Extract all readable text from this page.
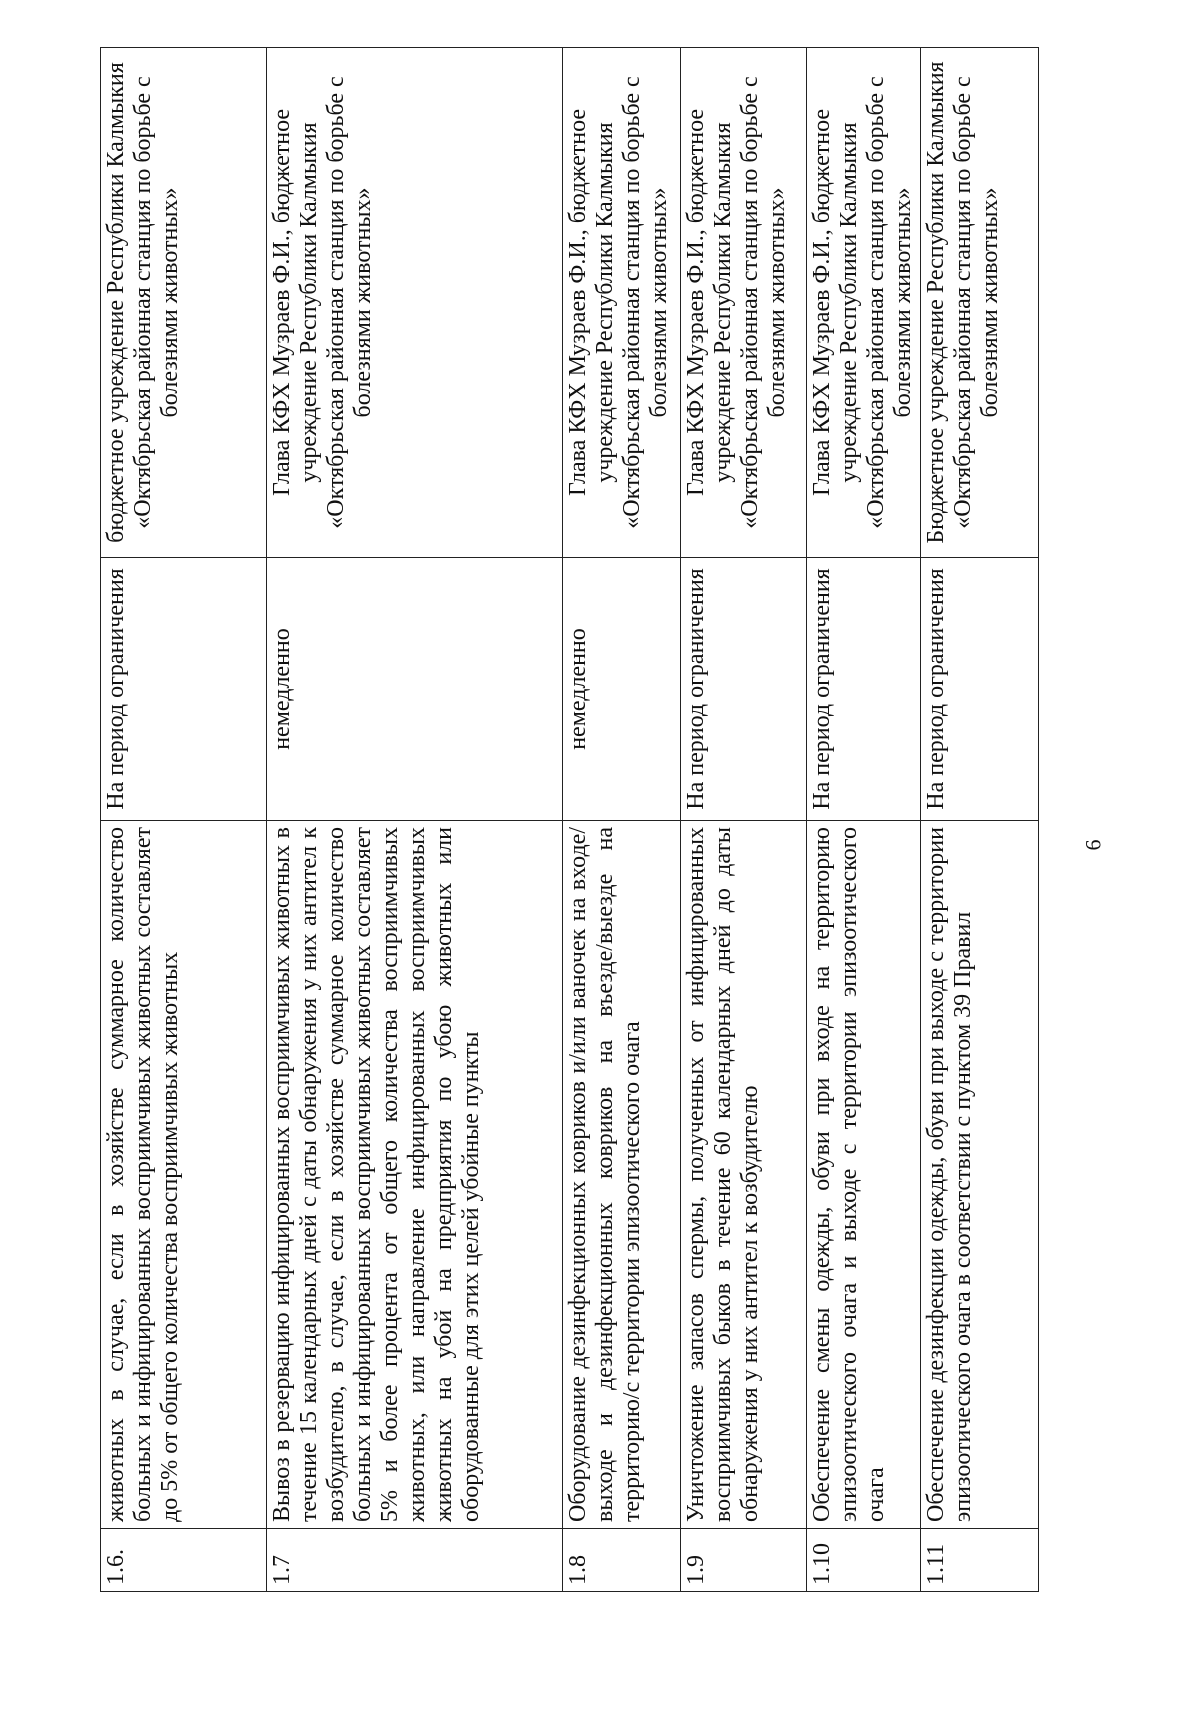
1.6.	животных в случае, если в хозяйстве суммарное количество больных и инфицированных восприимчивых животных составляет до 5% от общего количества восприимчивых животных	На период ограничения	бюджетное учреждение Республики Калмыкия «Октябрьская районная станция по борьбе с болезнями животных»
1.7	Вывоз в резервацию инфицированных восприимчивых животных в течение 15 календарных дней с даты обнаружения у них антител к возбудителю, в случае, если в хозяйстве суммарное количество больных и инфицированных восприимчивых животных составляет 5% и более процента от общего количества восприимчивых животных, или направление инфицированных восприимчивых животных на убой на предприятия по убою животных или оборудованные для этих целей убойные пункты	немедленно	Глава КФХ Музраев Ф.И., бюджетное учреждение Республики Калмыкия «Октябрьская районная станция по борьбе с болезнями животных»
1.8	Оборудование дезинфекционных ковриков и/или ваночек на входе/выходе и дезинфекционных ковриков на въезде/выезде на территорию/с территории эпизоотического очага	немедленно	Глава КФХ Музраев Ф.И., бюджетное учреждение Республики Калмыкия «Октябрьская районная станция по борьбе с болезнями животных»
1.9	Уничтожение запасов спермы, полученных от инфицированных восприимчивых быков в течение 60 календарных дней до даты обнаружения у них антител к возбудителю	На период ограничения	Глава КФХ Музраев Ф.И., бюджетное учреждение Республики Калмыкия «Октябрьская районная станция по борьбе с болезнями животных»
1.10	Обеспечение смены одежды, обуви при входе на территорию эпизоотического очага и выходе с территории эпизоотического очага	На период ограничения	Глава КФХ Музраев Ф.И., бюджетное учреждение Республики Калмыкия «Октябрьская районная станция по борьбе с болезнями животных»
1.11	Обеспечение дезинфекции одежды, обуви при выходе с территории эпизоотического очага в соответствии с пунктом 39 Правил	На период ограничения	Бюджетное учреждение Республики Калмыкия «Октябрьская районная станция по борьбе с болезнями животных»
6
